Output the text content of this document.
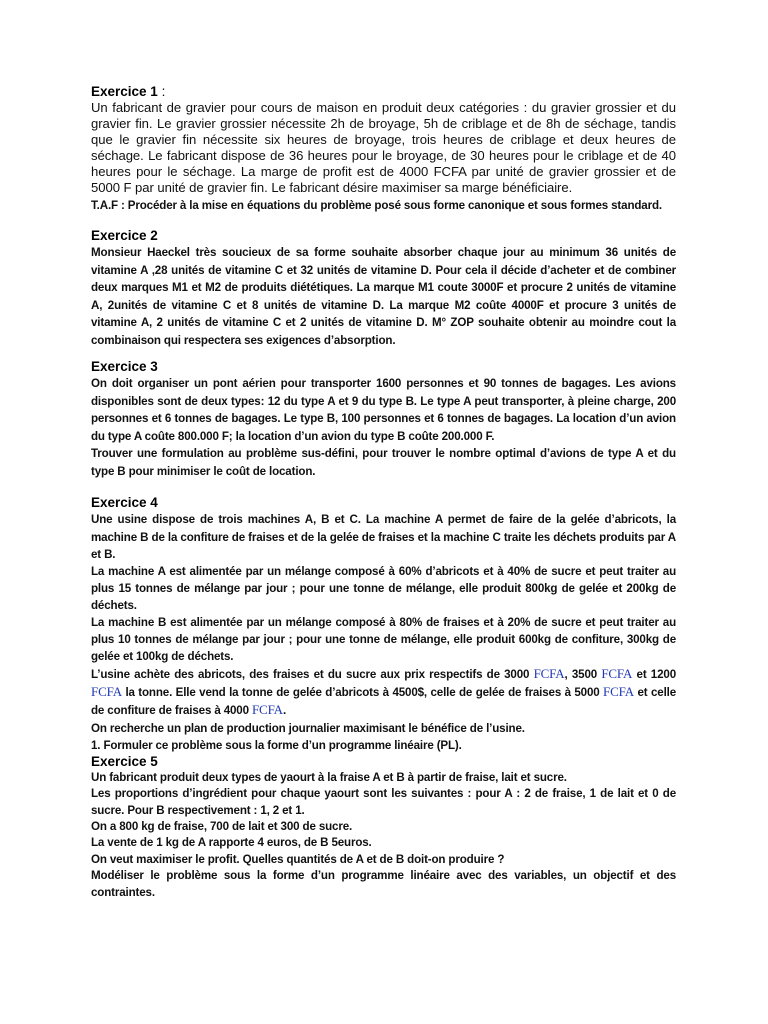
Exercice 1 :

Un fabricant de gravier pour cours de maison en produit deux catégories : du gravier grossier et du gravier fin. Le gravier grossier nécessite 2h de broyage, 5h de criblage et de 8h de séchage, tandis que le gravier fin nécessite six heures de broyage, trois heures de criblage et deux heures de séchage. Le fabricant dispose de 36 heures pour le broyage, de 30 heures pour le criblage et de 40 heures pour le séchage. La marge de profit est de 4000 FCFA par unité de gravier grossier et de 5000 F par unité de gravier fin. Le fabricant désire maximiser sa marge bénéficiaire.

T.A.F : Procéder à la mise en équations du problème posé sous forme canonique et sous formes standard.

Exercice 2

Monsieur Haeckel très soucieux de sa forme souhaite absorber chaque jour au minimum 36 unités de vitamine A ,28 unités de vitamine C et 32 unités de vitamine D. Pour cela il décide d’acheter et de combiner deux marques M1 et M2 de produits diététiques. La marque M1 coute 3000F et procure 2 unités de vitamine A, 2unités de vitamine C et 8 unités de vitamine D. La marque M2 coûte 4000F et procure 3 unités de vitamine A, 2 unités de vitamine C et 2 unités de vitamine D. M° ZOP souhaite obtenir au moindre cout la combinaison qui respectera ses exigences d’absorption.

Exercice 3

On doit organiser un pont aérien pour transporter 1600 personnes et 90 tonnes de bagages. Les avions disponibles sont de deux types: 12 du type A et 9 du type B. Le type A peut transporter, à pleine charge, 200 personnes et 6 tonnes de bagages. Le type B, 100 personnes et 6 tonnes de bagages. La location d’un avion du type A coûte 800.000 F; la location d’un avion du type B coûte 200.000 F.

Trouver une formulation au problème sus-défini, pour trouver le nombre optimal d’avions de type A et du type B pour minimiser le coût de location.

Exercice 4

Une usine dispose de trois machines A, B et C. La machine A permet de faire de la gelée d’abricots, la machine B de la confiture de fraises et de la gelée de fraises et la machine C traite les déchets produits par A et B.

La machine A est alimentée par un mélange composé à 60% d’abricots et à 40% de sucre et peut traiter au plus 15 tonnes de mélange par jour ; pour une tonne de mélange, elle produit 800kg de gelée et 200kg de déchets.

La machine B est alimentée par un mélange composé à 80% de fraises et à 20% de sucre et peut traiter au plus 10 tonnes de mélange par jour ; pour une tonne de mélange, elle produit 600kg de confiture, 300kg de gelée et 100kg de déchets.

L’usine achète des abricots, des fraises et du sucre aux prix respectifs de 3000 FCFA, 3500 FCFA et 1200 FCFA la tonne. Elle vend la tonne de gelée d’abricots à 4500$, celle de gelée de fraises à 5000 FCFA et celle de confiture de fraises à 4000 FCFA.

On recherche un plan de production journalier maximisant le bénéfice de l’usine.

1. Formuler ce problème sous la forme d’un programme linéaire (PL).

Exercice 5

Un fabricant produit deux types de yaourt à la fraise A et B à partir de fraise, lait et sucre.

Les proportions d’ingrédient pour chaque yaourt sont les suivantes : pour A : 2 de fraise, 1 de lait et 0 de sucre. Pour B respectivement : 1, 2 et 1.

On a 800 kg de fraise, 700 de lait et 300 de sucre.

La vente de 1 kg de A rapporte 4 euros, de B 5euros.

On veut maximiser le profit. Quelles quantités de A et de B doit-on produire ?

Modéliser le problème sous la forme d’un programme linéaire avec des variables, un objectif et des contraintes.
